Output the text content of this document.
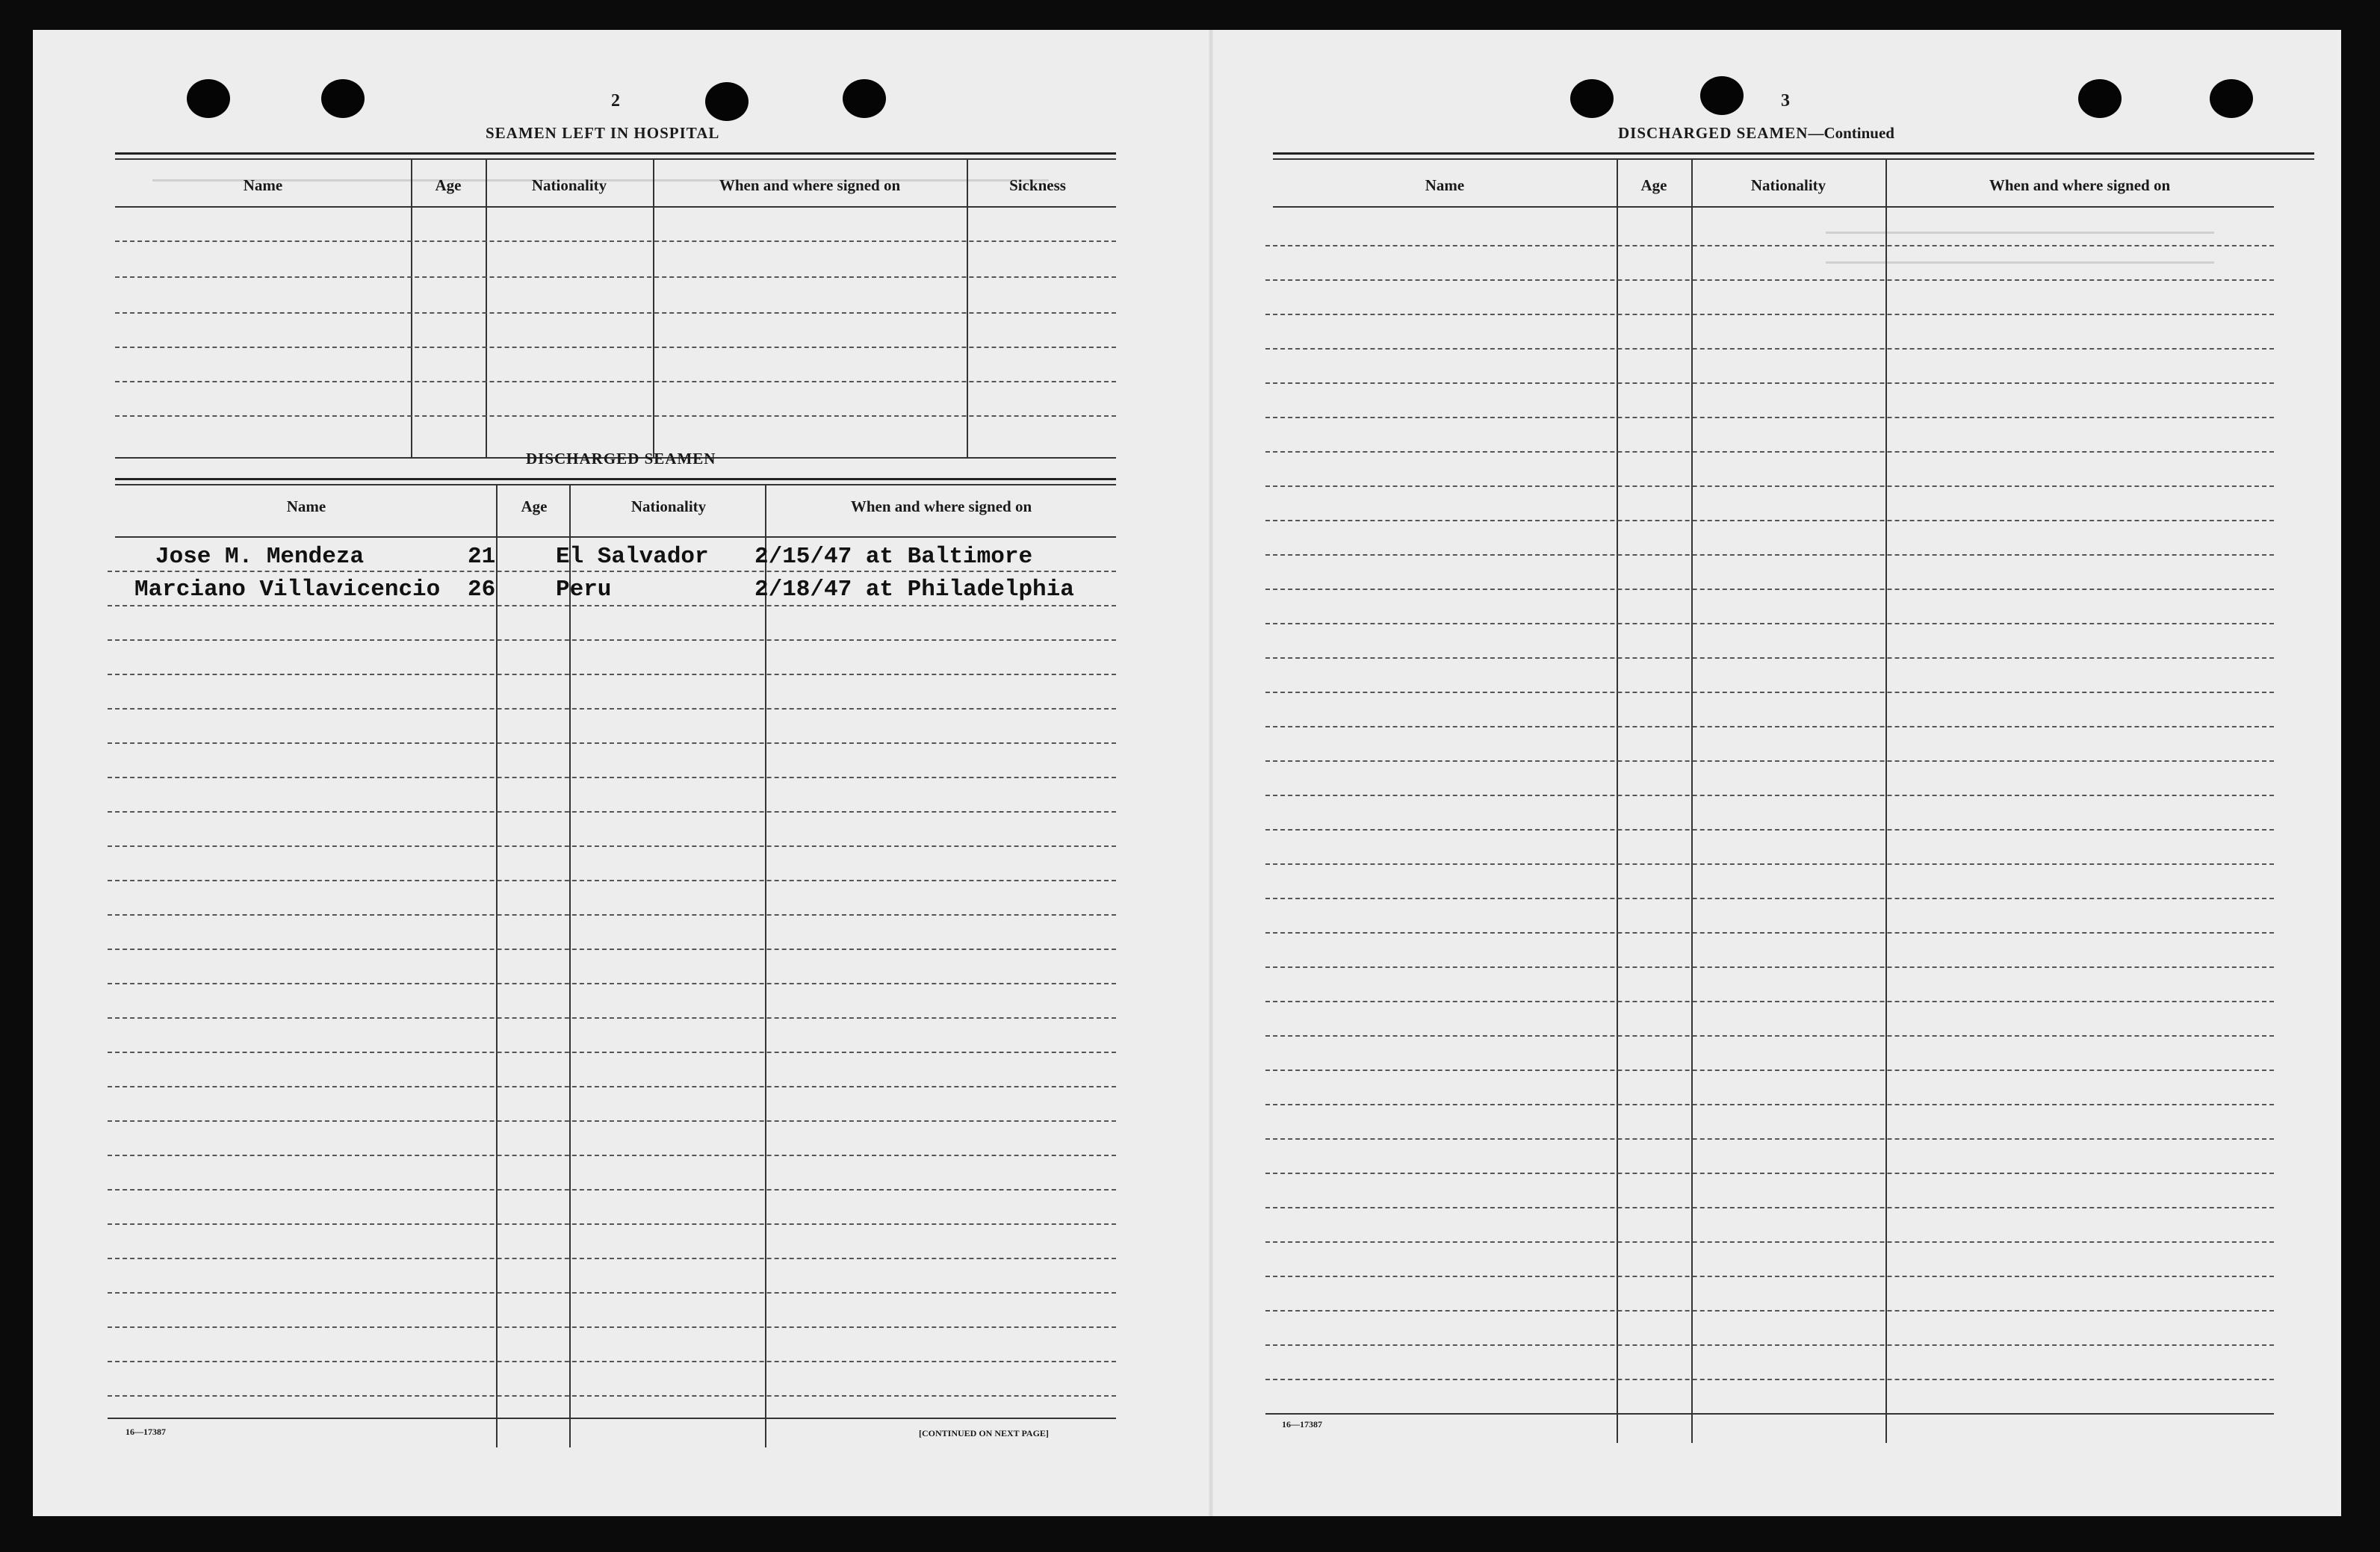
2
SEAMEN LEFT IN HOSPITAL
Name	Age	Nationality	When and where signed on	Sickness
DISCHARGED SEAMEN
Name	Age	Nationality	When and where signed on
Jose M. Mendeza	21	El Salvador 2/15/47 at Baltimore
Marciano Villavicencio 26	Peru	2/18/47 at Philadelphia
16—17387	[CONTINUED ON NEXT PAGE]
3
DISCHARGED SEAMEN—Continued
Name	Age	Nationality	When and where signed on
16—17387
